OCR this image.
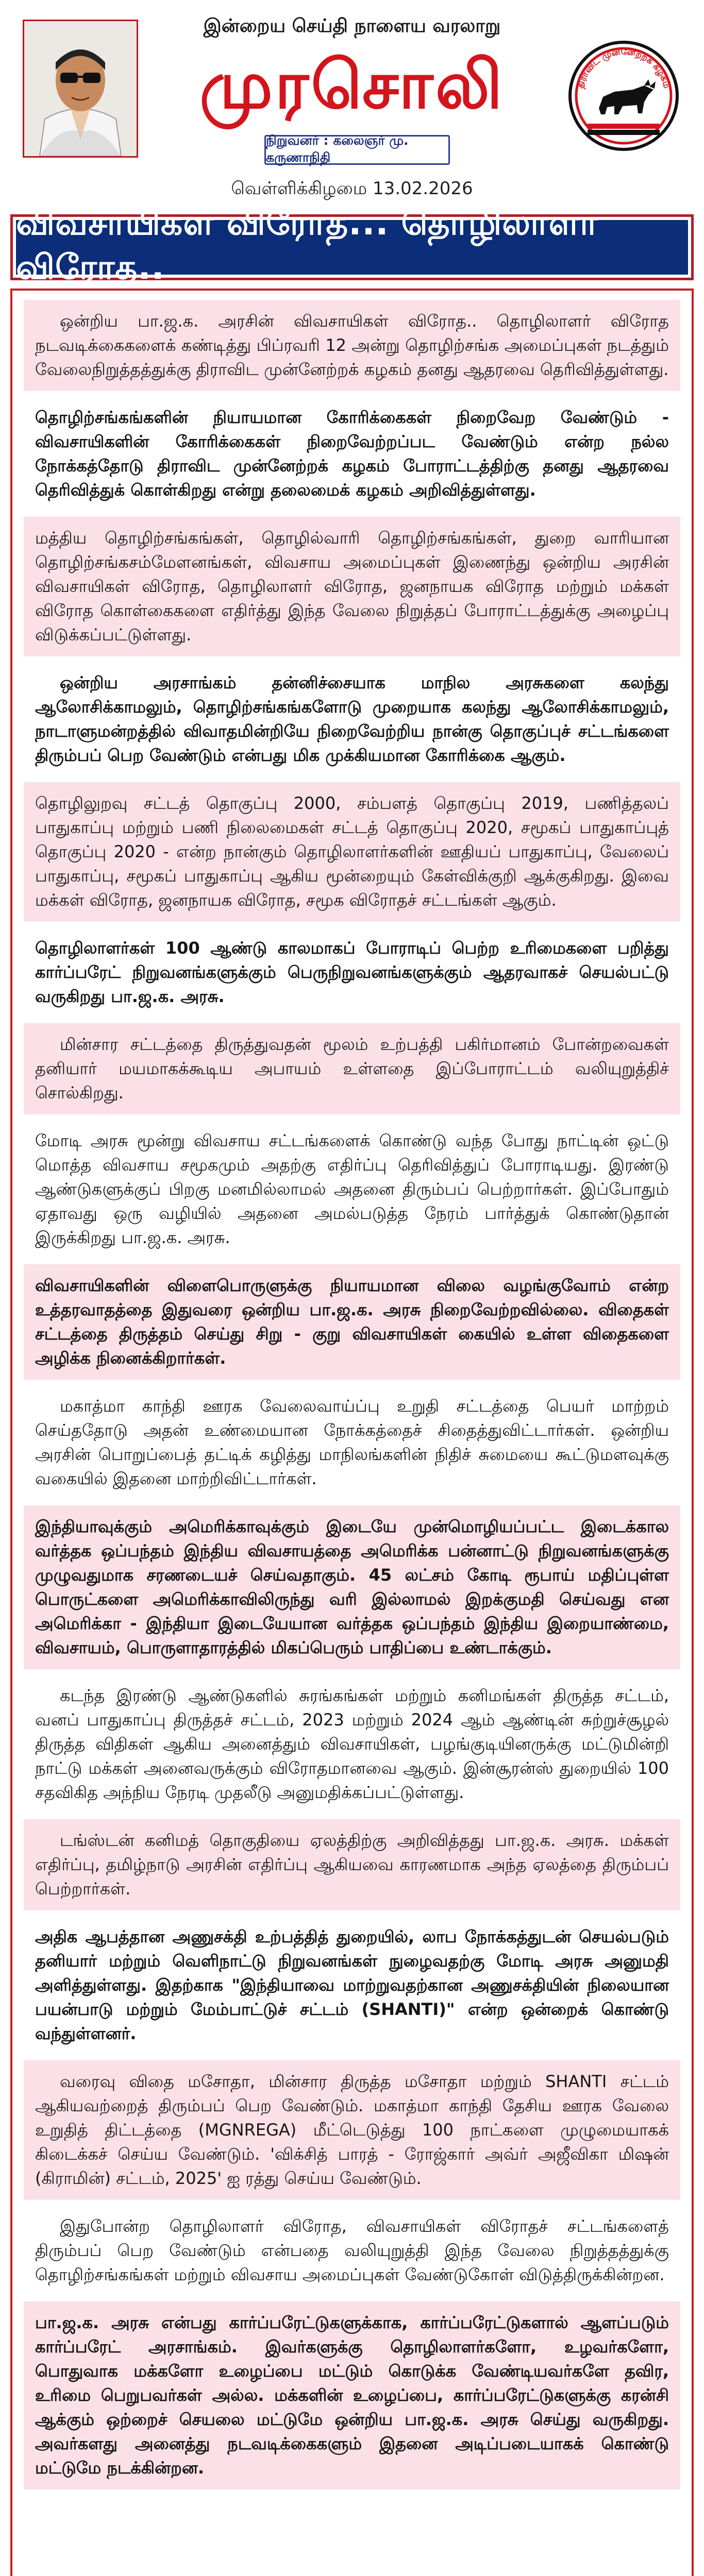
இன்றைய செய்தி நாளைய வரலாறு
முரசொலி
நிறுவனர் : கலைஞர் மு. கருணாநிதி
திராவிட முன்னேற்றக் கழகம்
வெள்ளிக்கிழமை 13.02.2026
விவசாயிகள் விரோத... தொழிலாளர் விரோத..

ஒன்றிய பா.ஜ.க. அரசின் விவசாயிகள் விரோத.. தொழிலாளர் விரோத நடவடிக்கைகளைக் கண்டித்து பிப்ரவரி 12 அன்று தொழிற்சங்க அமைப்புகள் நடத்தும் வேலைநிறுத்தத்துக்கு திராவிட முன்னேற்றக் கழகம் தனது ஆதரவை தெரிவித்துள்ளது.

தொழிற்சங்கங்களின் நியாயமான கோரிக்கைகள் நிறைவேற வேண்டும் - விவசாயிகளின் கோரிக்கைகள் நிறைவேற்றப்பட வேண்டும் என்ற நல்ல நோக்கத்தோடு திராவிட முன்னேற்றக் கழகம் போராட்டத்திற்கு தனது ஆதரவை தெரிவித்துக் கொள்கிறது என்று தலைமைக் கழகம் அறிவித்துள்ளது.

மத்திய தொழிற்சங்கங்கள், தொழில்வாரி தொழிற்சங்கங்கள், துறை வாரியான தொழிற்சங்கசம்மேளனங்கள், விவசாய அமைப்புகள் இணைந்து ஒன்றிய அரசின் விவசாயிகள் விரோத, தொழிலாளர் விரோத, ஜனநாயக விரோத மற்றும் மக்கள் விரோத கொள்கைகளை எதிர்த்து இந்த வேலை நிறுத்தப் போராட்டத்துக்கு அழைப்பு விடுக்கப்பட்டுள்ளது.

ஒன்றிய அரசாங்கம் தன்னிச்சையாக மாநில அரசுகளை கலந்து ஆலோசிக்காமலும், தொழிற்சங்கங்களோடு முறையாக கலந்து ஆலோசிக்காமலும், நாடாளுமன்றத்தில் விவாதமின்றியே நிறைவேற்றிய நான்கு தொகுப்புச் சட்டங்களை திரும்பப் பெற வேண்டும் என்பது மிக முக்கியமான கோரிக்கை ஆகும்.

தொழிலுறவு சட்டத் தொகுப்பு 2000, சம்பளத் தொகுப்பு 2019, பணித்தலப் பாதுகாப்பு மற்றும் பணி நிலைமைகள் சட்டத் தொகுப்பு 2020, சமூகப் பாதுகாப்புத் தொகுப்பு 2020 - என்ற நான்கும் தொழிலாளர்களின் ஊதியப் பாதுகாப்பு, வேலைப் பாதுகாப்பு, சமூகப் பாதுகாப்பு ஆகிய மூன்றையும் கேள்விக்குறி ஆக்குகிறது. இவை மக்கள் விரோத, ஜனநாயக விரோத, சமூக விரோதச் சட்டங்கள் ஆகும்.

தொழிலாளர்கள் 100 ஆண்டு காலமாகப் போராடிப் பெற்ற உரிமைகளை பறித்து கார்ப்பரேட் நிறுவனங்களுக்கும் பெருநிறுவனங்களுக்கும் ஆதரவாகச் செயல்பட்டு வருகிறது பா.ஜ.க. அரசு.

மின்சார சட்டத்தை திருத்துவதன் மூலம் உற்பத்தி பகிர்மானம் போன்றவைகள் தனியார் மயமாகக்கூடிய அபாயம் உள்ளதை இப்போராட்டம் வலியுறுத்திச் சொல்கிறது.

மோடி அரசு மூன்று விவசாய சட்டங்களைக் கொண்டு வந்த போது நாட்டின் ஒட்டு மொத்த விவசாய சமூகமும் அதற்கு எதிர்ப்பு தெரிவித்துப் போராடியது. இரண்டு ஆண்டுகளுக்குப் பிறகு மனமில்லாமல் அதனை திரும்பப் பெற்றார்கள். இப்போதும் ஏதாவது ஒரு வழியில் அதனை அமல்படுத்த நேரம் பார்த்துக் கொண்டுதான் இருக்கிறது பா.ஜ.க. அரசு.

விவசாயிகளின் விளைபொருளுக்கு நியாயமான விலை வழங்குவோம் என்ற உத்தரவாதத்தை இதுவரை ஒன்றிய பா.ஜ.க. அரசு நிறைவேற்றவில்லை. விதைகள் சட்டத்தை திருத்தம் செய்து சிறு - குறு விவசாயிகள் கையில் உள்ள விதைகளை அழிக்க நினைக்கிறார்கள்.

மகாத்மா காந்தி ஊரக வேலைவாய்ப்பு உறுதி சட்டத்தை பெயர் மாற்றம் செய்ததோடு அதன் உண்மையான நோக்கத்தைச் சிதைத்துவிட்டார்கள். ஒன்றிய அரசின் பொறுப்பைத் தட்டிக் கழித்து மாநிலங்களின் நிதிச் சுமையை கூட்டுமளவுக்கு வகையில் இதனை மாற்றிவிட்டார்கள்.

இந்தியாவுக்கும் அமெரிக்காவுக்கும் இடையே முன்மொழியப்பட்ட இடைக்கால வர்த்தக ஒப்பந்தம் இந்திய விவசாயத்தை அமெரிக்க பன்னாட்டு நிறுவனங்களுக்கு முழுவதுமாக சரணடையச் செய்வதாகும். 45 லட்சம் கோடி ரூபாய் மதிப்புள்ள பொருட்களை அமெரிக்காவிலிருந்து வரி இல்லாமல் இறக்குமதி செய்வது என அமெரிக்கா - இந்தியா இடையேயான வர்த்தக ஒப்பந்தம் இந்திய இறையாண்மை, விவசாயம், பொருளாதாரத்தில் மிகப்பெரும் பாதிப்பை உண்டாக்கும்.

கடந்த இரண்டு ஆண்டுகளில் சுரங்கங்கள் மற்றும் கனிமங்கள் திருத்த சட்டம், வனப் பாதுகாப்பு திருத்தச் சட்டம், 2023 மற்றும் 2024 ஆம் ஆண்டின் சுற்றுச்சூழல் திருத்த விதிகள் ஆகிய அனைத்தும் விவசாயிகள், பழங்குடியினருக்கு மட்டுமின்றி நாட்டு மக்கள் அனைவருக்கும் விரோதமானவை ஆகும். இன்சூரன்ஸ் துறையில் 100 சதவிகித அந்நிய நேரடி முதலீடு அனுமதிக்கப்பட்டுள்ளது.

டங்ஸ்டன் கனிமத் தொகுதியை ஏலத்திற்கு அறிவித்தது பா.ஜ.க. அரசு. மக்கள் எதிர்ப்பு, தமிழ்நாடு அரசின் எதிர்ப்பு ஆகியவை காரணமாக அந்த ஏலத்தை திரும்பப் பெற்றார்கள்.

அதிக ஆபத்தான அணுசக்தி உற்பத்தித் துறையில், லாப நோக்கத்துடன் செயல்படும் தனியார் மற்றும் வெளிநாட்டு நிறுவனங்கள் நுழைவதற்கு மோடி அரசு அனுமதி அளித்துள்ளது. இதற்காக "இந்தியாவை மாற்றுவதற்கான அணுசக்தியின் நிலையான பயன்பாடு மற்றும் மேம்பாட்டுச் சட்டம் (SHANTI)" என்ற ஒன்றைக் கொண்டு வந்துள்ளனர்.

வரைவு விதை மசோதா, மின்சார திருத்த மசோதா மற்றும் SHANTI சட்டம் ஆகியவற்றைத் திரும்பப் பெற வேண்டும். மகாத்மா காந்தி தேசிய ஊரக வேலை உறுதித் திட்டத்தை (MGNREGA) மீட்டெடுத்து 100 நாட்களை முழுமையாகக் கிடைக்கச் செய்ய வேண்டும். 'விக்சித் பாரத் - ரோஜ்கார் அவ்ர் அஜீவிகா மிஷன் (கிராமின்) சட்டம், 2025' ஐ ரத்து செய்ய வேண்டும்.

இதுபோன்ற தொழிலாளர் விரோத, விவசாயிகள் விரோதச் சட்டங்களைத் திரும்பப் பெற வேண்டும் என்பதை வலியுறுத்தி இந்த வேலை நிறுத்தத்துக்கு தொழிற்சங்கங்கள் மற்றும் விவசாய அமைப்புகள் வேண்டுகோள் விடுத்திருக்கின்றன.

பா.ஜ.க. அரசு என்பது கார்ப்பரேட்டுகளுக்காக, கார்ப்பரேட்டுகளால் ஆளப்படும் கார்ப்பரேட் அரசாங்கம். இவர்களுக்கு தொழிலாளர்களோ, உழவர்களோ, பொதுவாக மக்களோ உழைப்பை மட்டும் கொடுக்க வேண்டியவர்களே தவிர, உரிமை பெறுபவர்கள் அல்ல. மக்களின் உழைப்பை, கார்ப்பரேட்டுகளுக்கு கரன்சி ஆக்கும் ஒற்றைச் செயலை மட்டுமே ஒன்றிய பா.ஜ.க. அரசு செய்து வருகிறது. அவர்களது அனைத்து நடவடிக்கைகளும் இதனை அடிப்படையாகக் கொண்டு மட்டுமே நடக்கின்றன.
